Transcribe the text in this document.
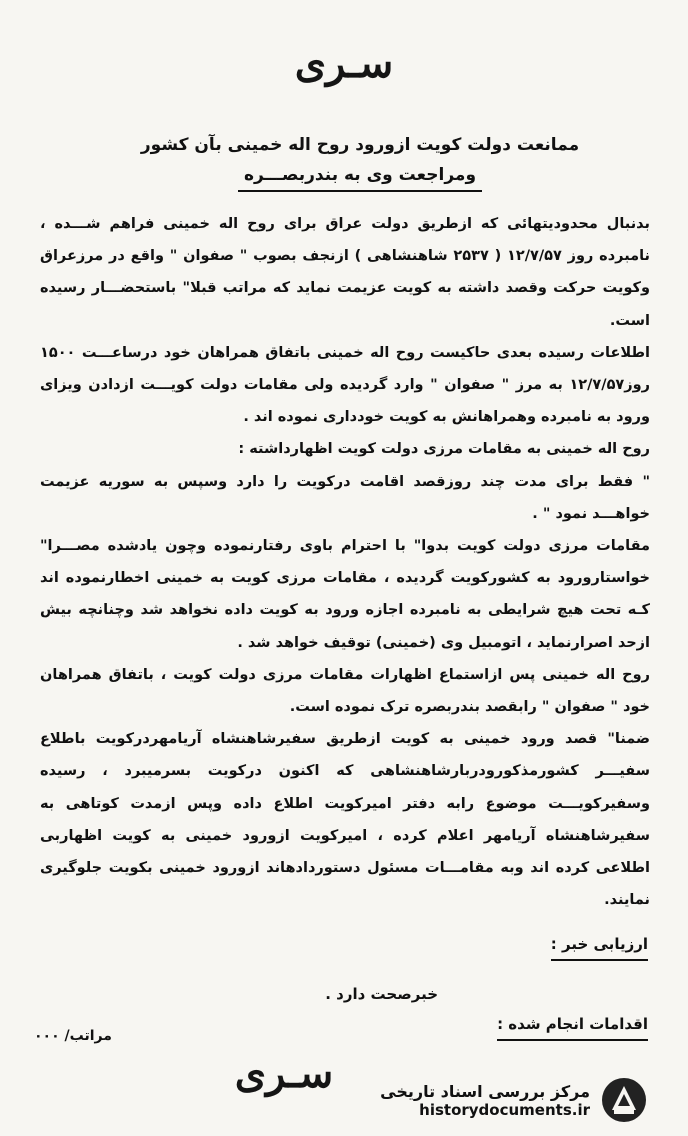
سـری
ممانعت دولت کویت ازورود روح اله خمینی بآن کشور
ومراجعت وی به بندربصـــره

بدنبال محدودیتهائی که ازطریق دولت عراق برای روح اله خمینی فراهم شـــده ، نامبرده روز ۱۲/۷/۵۷ ( ۲۵۳۷ شاهنشاهی ) ازنجف بصوب " صفوان " واقع در مرزعراق وکویت حرکت وقصد داشته به کویت عزیمت نماید که مراتب قبلا" باستحضـــار رسیده است.

اطلاعات رسیده بعدی حاکیست روح اله خمینی باتفاق همراهان خود درساعـــت ۱۵۰۰ روز۱۲/۷/۵۷ به مرز " صفوان " وارد گردیده ولی مقامات دولت کویـــت ازدادن ویزای ورود به نامبرده وهمراهانش به کویت خودداری نموده اند .

روح اله خمینی به مقامات مرزی دولت کویت اظهارداشته :

" فقط برای مدت چند روزقصد اقامت درکویت را دارد وسپس به سوریه عزیمت خواهـــد نمود " .

مقامات مرزی دولت کویت بدوا" با احترام باوی رفتارنموده وچون یادشده مصـــرا" خواستارورود به کشورکویت گردیده ، مقامات مرزی کویت به خمینی اخطارنموده اند کـه تحت هیچ شرایطی به نامبرده اجازه ورود به کویت داده نخواهد شد وچنانچه بیش ازحد اصرارنماید ، اتومبیل وی (خمینی) توقیف خواهد شد .

روح اله خمینی پس ازاستماع اظهارات مقامات مرزی دولت کویت ، باتفاق همراهان خود " صفوان " رابقصد بندربصره ترک نموده است.

ضمنا" قصد ورود خمینی به کویت ازطریق سفیرشاهنشاه آریامهردرکویت باطلاع سفیـــر کشورمذکورودربارشاهنشاهی که اکنون درکویت بسرمیبرد ، رسیده وسفیرکویـــت موضوع رابه دفتر امیرکویت اطلاع داده وپس ازمدت کوتاهی به سفیرشاهنشاه آریامهر اعلام کرده ، امیرکویت ازورود خمینی به کویت اظهاربی اطلاعی کرده اند وبه مقامـــات مسئول دستوردادهاند ازورود خمینی بکویت جلوگیری نمایند.

ارزیابی خبر :
خبرصحت دارد .
اقدامات انجام شده :
مراتب/ ۰۰۰
سـری	مرکز بررسی اسناد تاریخی
historydocuments.ir
